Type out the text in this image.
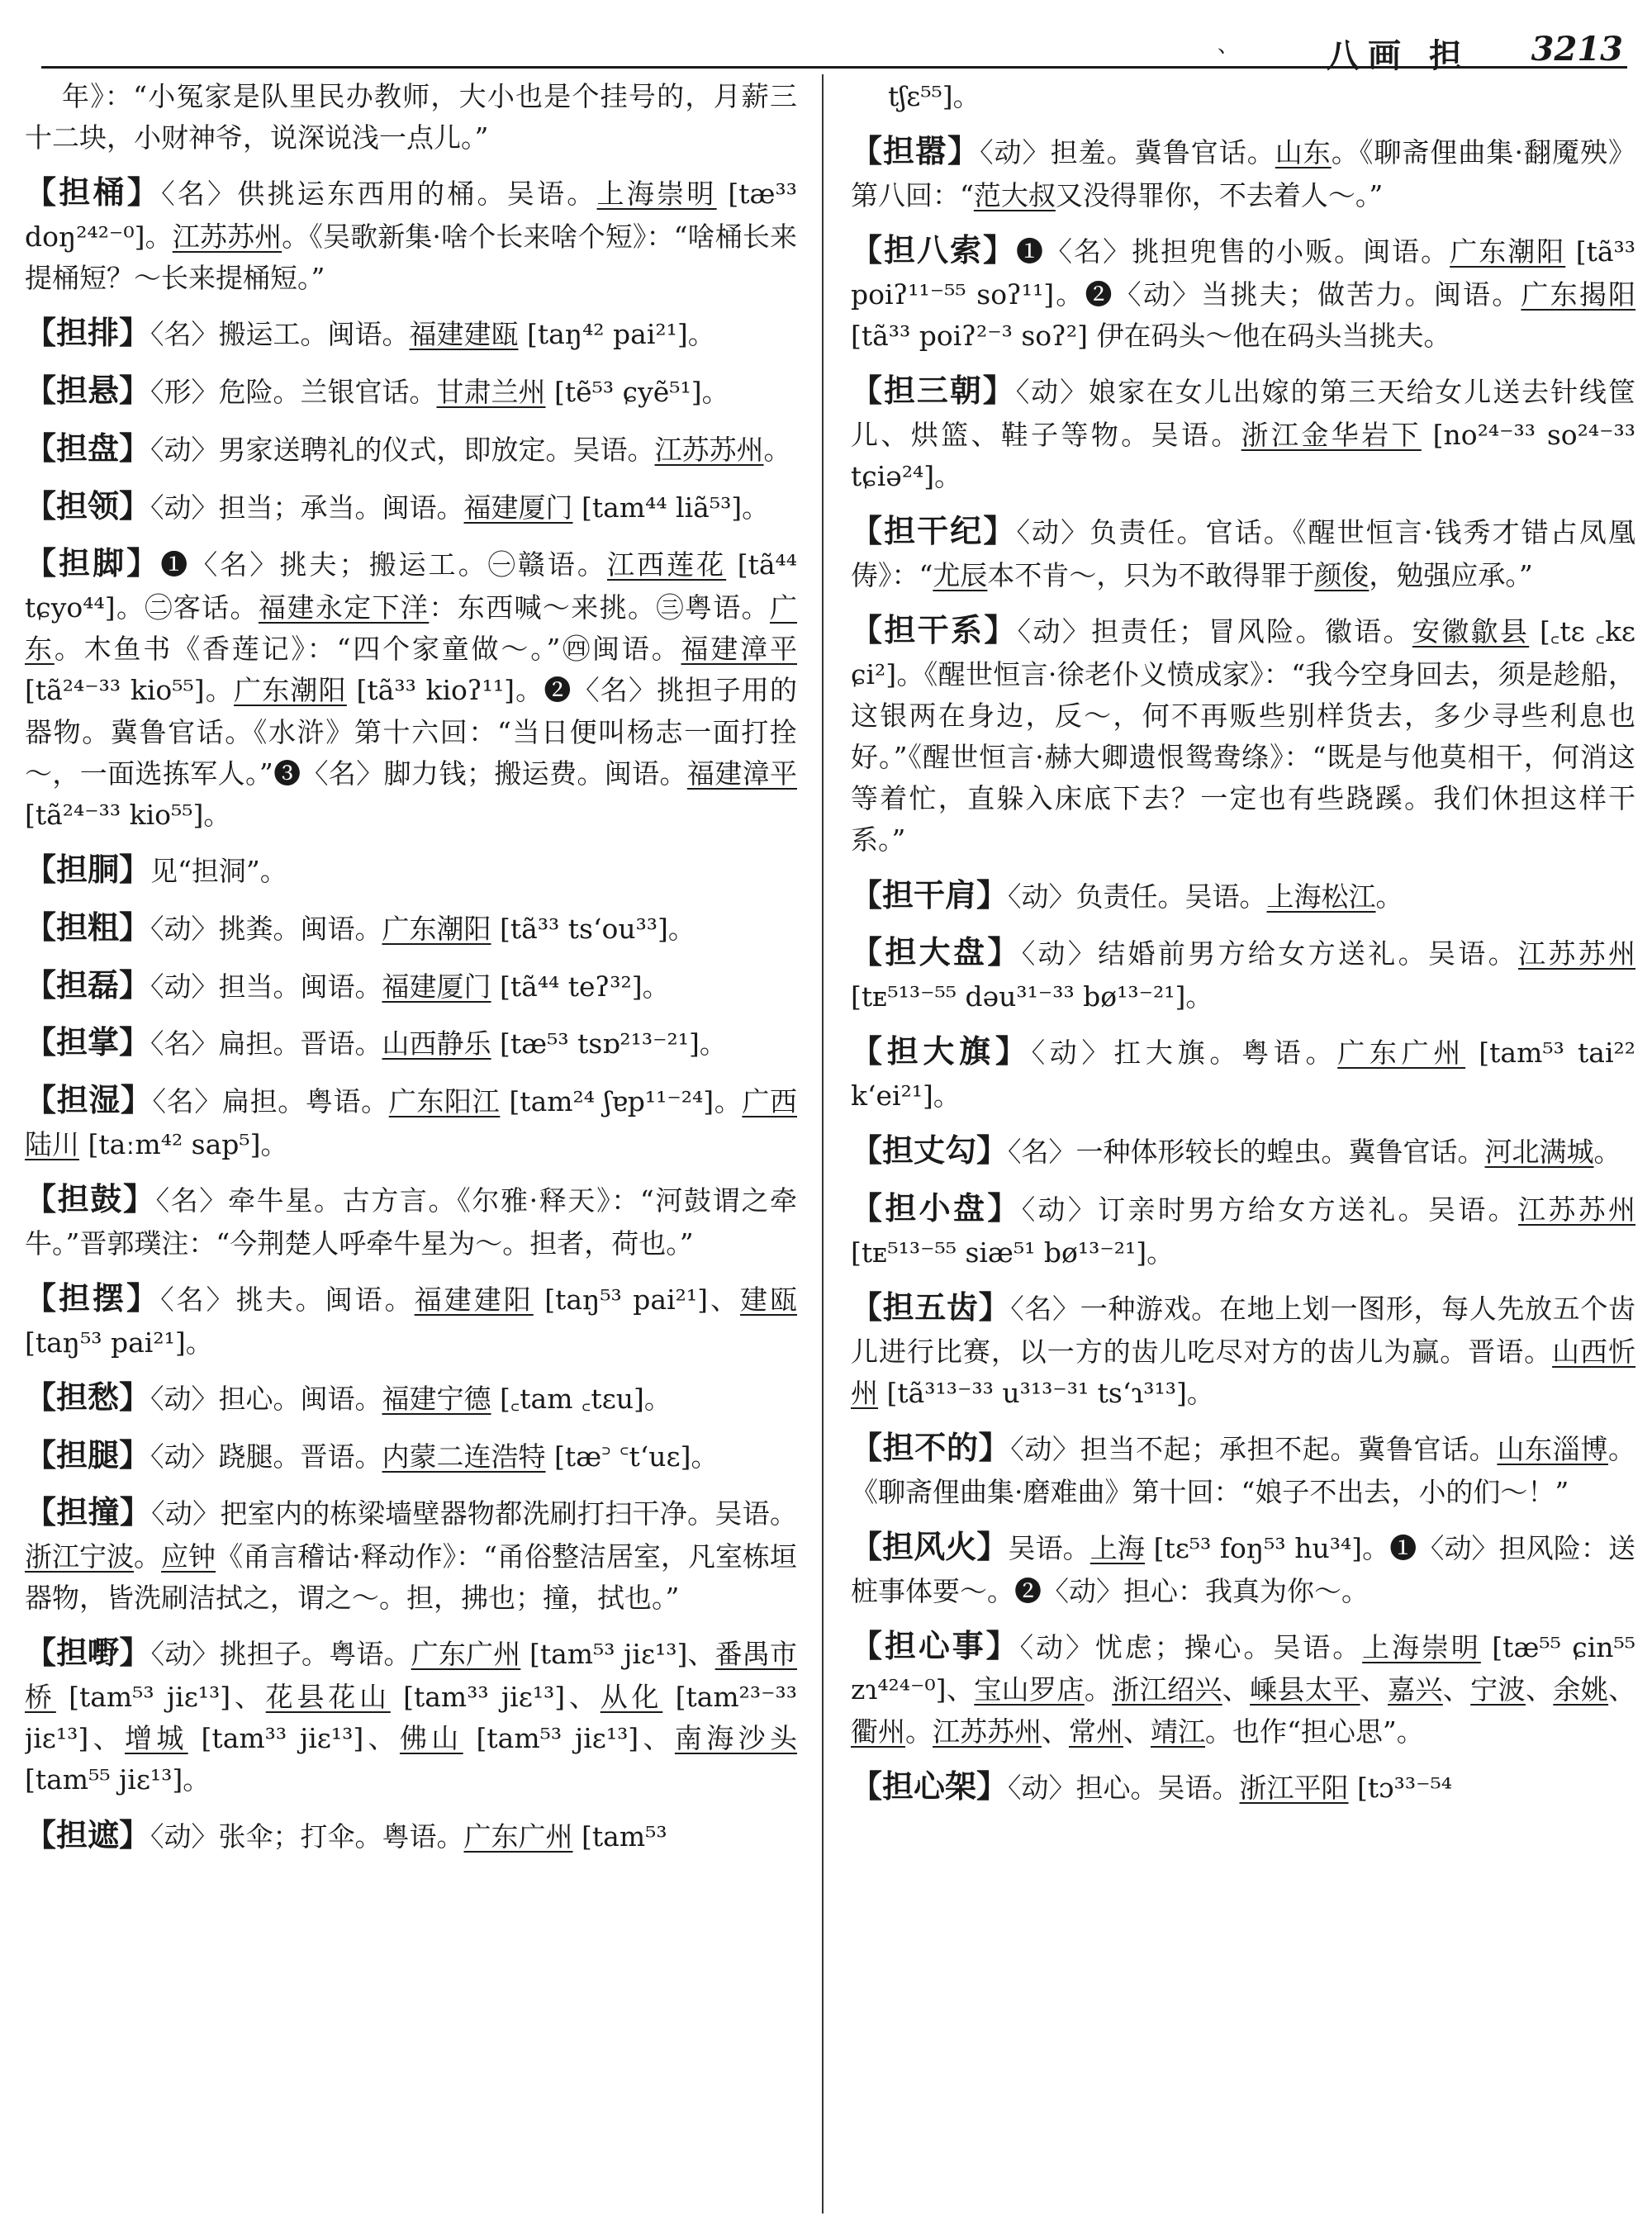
、	八画 担 3213
年》：“小冤家是队里民办教师，大小也是个挂号的，月薪三十二块，小财神爷，说深说浅一点儿。”
【担桶】〈名〉供挑运东西用的桶。吴语。上海崇明 [tæ³³ doŋ²⁴²⁻⁰]。江苏苏州。《吴歌新集·啥个长来啥个短》：“啥桶长来提桶短？～长来提桶短。”
【担排】〈名〉搬运工。闽语。福建建瓯 [taŋ⁴² pai²¹]。
【担悬】〈形〉危险。兰银官话。甘肃兰州 [tẽ⁵³ ɕyẽ⁵¹]。
【担盘】〈动〉男家送聘礼的仪式，即放定。吴语。江苏苏州。
【担领】〈动〉担当；承当。闽语。福建厦门 [tam⁴⁴ liã⁵³]。
【担脚】❶〈名〉挑夫；搬运工。㊀赣语。江西莲花 [tã⁴⁴ tɕyo⁴⁴]。㊁客话。福建永定下洋：东西喊～来挑。㊂粤语。广东。木鱼书《香莲记》：“四个家童做～。”㊃闽语。福建漳平 [tã²⁴⁻³³ kio⁵⁵]。广东潮阳 [tã³³ kioʔ¹¹]。❷〈名〉挑担子用的器物。冀鲁官话。《水浒》第十六回：“当日便叫杨志一面打拴～，一面选拣军人。”❸〈名〉脚力钱；搬运费。闽语。福建漳平 [tã²⁴⁻³³ kio⁵⁵]。
【担胴】见“担洞”。
【担粗】〈动〉挑粪。闽语。广东潮阳 [tã³³ tsʻou³³]。
【担磊】〈动〉担当。闽语。福建厦门 [tã⁴⁴ teʔ³²]。
【担掌】〈名〉扁担。晋语。山西静乐 [tæ⁵³ tsɒ²¹³⁻²¹]。
【担湿】〈名〉扁担。粤语。广东阳江 [tam²⁴ ʃɐp¹¹⁻²⁴]。广西陆川 [taːm⁴² sap⁵]。
【担鼓】〈名〉牵牛星。古方言。《尔雅·释天》：“河鼓谓之牵牛。”晋郭璞注：“今荆楚人呼牵牛星为～。担者，荷也。”
【担摆】〈名〉挑夫。闽语。福建建阳 [taŋ⁵³ pai²¹]、建瓯 [taŋ⁵³ pai²¹]。
【担愁】〈动〉担心。闽语。福建宁德 [꜀tam ꜀tɛu]。
【担腿】〈动〉跷腿。晋语。内蒙二连浩特 [tæ꜄ ꜂tʻuɛ]。
【担撞】〈动〉把室内的栋梁墙壁器物都洗刷打扫干净。吴语。浙江宁波。应钟《甬言稽诂·释动作》：“甬俗整洁居室，凡室栋垣器物，皆洗刷洁拭之，谓之～。担，拂也；撞，拭也。”
【担嘢】〈动〉挑担子。粤语。广东广州 [tam⁵³ jiɛ¹³]、番禺市桥 [tam⁵³ jiɛ¹³]、花县花山 [tam³³ jiɛ¹³]、从化 [tam²³⁻³³ jiɛ¹³]、增城 [tam³³ jiɛ¹³]、佛山 [tam⁵³ jiɛ¹³]、南海沙头 [tam⁵⁵ jiɛ¹³]。
【担遮】〈动〉张伞；打伞。粤语。广东广州 [tam⁵³
tʃɛ⁵⁵]。
【担嚣】〈动〉担羞。冀鲁官话。山东。《聊斋俚曲集·翻魇殃》第八回：“范大叔又没得罪你，不去着人～。”
【担八索】❶〈名〉挑担兜售的小贩。闽语。广东潮阳 [tã³³ poiʔ¹¹⁻⁵⁵ soʔ¹¹]。❷〈动〉当挑夫；做苦力。闽语。广东揭阳 [tã³³ poiʔ²⁻³ soʔ²] 伊在码头～他在码头当挑夫。
【担三朝】〈动〉娘家在女儿出嫁的第三天给女儿送去针线筐儿、烘篮、鞋子等物。吴语。浙江金华岩下 [no²⁴⁻³³ so²⁴⁻³³ tɕiə²⁴]。
【担干纪】〈动〉负责任。官话。《醒世恒言·钱秀才错占凤凰俦》：“尤辰本不肯～，只为不敢得罪于颜俊，勉强应承。”
【担干系】〈动〉担责任；冒风险。徽语。安徽歙县 [꜀tɛ ꜀kɛ ɕi²]。《醒世恒言·徐老仆义愤成家》：“我今空身回去，须是趁船，这银两在身边，反～，何不再贩些别样货去，多少寻些利息也好。”《醒世恒言·赫大卿遗恨鸳鸯绦》：“既是与他莫相干，何消这等着忙，直躲入床底下去？一定也有些跷蹊。我们休担这样干系。”
【担干肩】〈动〉负责任。吴语。上海松江。
【担大盘】〈动〉结婚前男方给女方送礼。吴语。江苏苏州 [tᴇ⁵¹³⁻⁵⁵ dəu³¹⁻³³ bø¹³⁻²¹]。
【担大旗】〈动〉扛大旗。粤语。广东广州 [tam⁵³ tai²² kʻei²¹]。
【担丈勾】〈名〉一种体形较长的蝗虫。冀鲁官话。河北满城。
【担小盘】〈动〉订亲时男方给女方送礼。吴语。江苏苏州 [tᴇ⁵¹³⁻⁵⁵ siæ⁵¹ bø¹³⁻²¹]。
【担五齿】〈名〉一种游戏。在地上划一图形，每人先放五个齿儿进行比赛，以一方的齿儿吃尽对方的齿儿为赢。晋语。山西忻州 [tã³¹³⁻³³ u³¹³⁻³¹ tsʻɿ³¹³]。
【担不的】〈动〉担当不起；承担不起。冀鲁官话。山东淄博。《聊斋俚曲集·磨难曲》第十回：“娘子不出去，小的们～！”
【担风火】吴语。上海 [tɛ⁵³ foŋ⁵³ hu³⁴]。❶〈动〉担风险：送桩事体要～。❷〈动〉担心：我真为你～。
【担心事】〈动〉忧虑；操心。吴语。上海崇明 [tæ⁵⁵ ɕin⁵⁵ zɿ⁴²⁴⁻⁰]、宝山罗店。浙江绍兴、嵊县太平、嘉兴、宁波、余姚、衢州。江苏苏州、常州、靖江。也作“担心思”。
【担心架】〈动〉担心。吴语。浙江平阳 [tɔ³³⁻⁵⁴
